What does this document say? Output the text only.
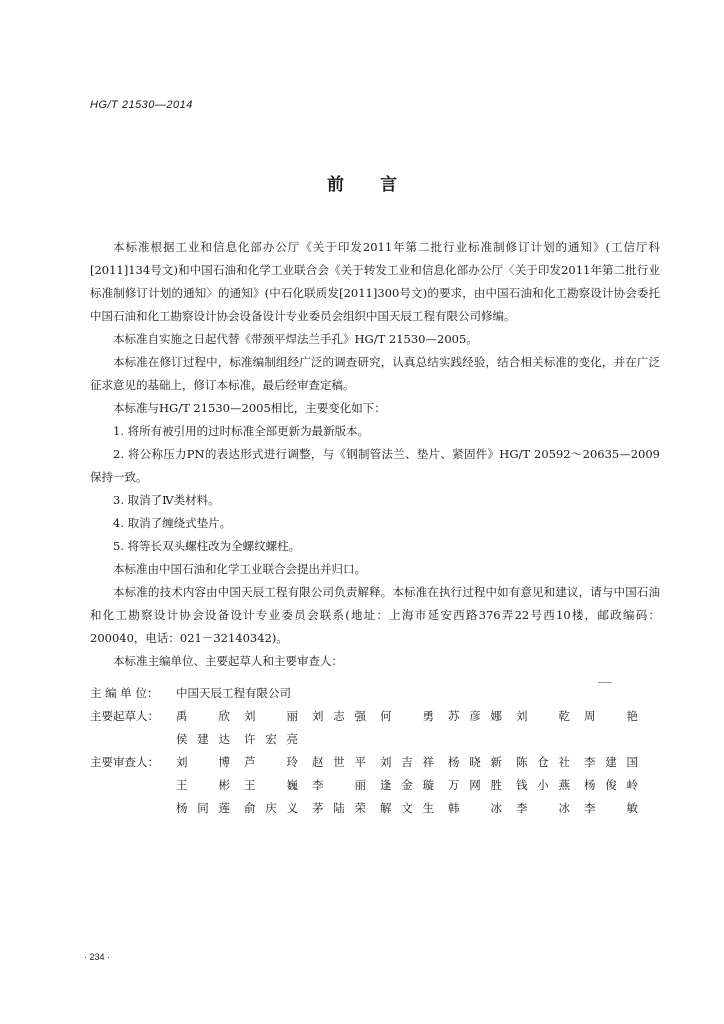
HG/T 21530—2014
前言

本标准根据工业和信息化部办公厅《关于印发2011年第二批行业标准制修订计划的通知》(工信厅科[2011]134号文)和中国石油和化学工业联合会《关于转发工业和信息化部办公厅〈关于印发2011年第二批行业标准制修订计划的通知〉的通知》(中石化联质发[2011]300号文)的要求，由中国石油和化工勘察设计协会委托中国石油和化工勘察设计协会设备设计专业委员会组织中国天辰工程有限公司修编。

本标准自实施之日起代替《带颈平焊法兰手孔》HG/T 21530—2005。

本标准在修订过程中，标准编制组经广泛的调查研究，认真总结实践经验，结合相关标准的变化，并在广泛征求意见的基础上，修订本标准，最后经审查定稿。

本标准与HG/T 21530—2005相比，主要变化如下：

1. 将所有被引用的过时标准全部更新为最新版本。

2. 将公称压力PN的表达形式进行调整，与《钢制管法兰、垫片、紧固件》HG/T 20592～20635—2009保持一致。

3. 取消了Ⅳ类材料。

4. 取消了缠绕式垫片。

5. 将等长双头螺柱改为全螺纹螺柱。

本标准由中国石油和化学工业联合会提出并归口。

本标准的技术内容由中国天辰工程有限公司负责解释。本标准在执行过程中如有意见和建议，请与中国石油和化工勘察设计协会设备设计专业委员会联系(地址：上海市延安西路376弄22号西10楼，邮政编码：200040，电话：021－32140342)。

本标准主编单位、主要起草人和主要审查人：

主 编 单 位： 中国天辰工程有限公司
主要起草人： 禹 欣 刘 丽 刘志强 何 勇 苏彦娜 刘 乾 周 艳
侯建达 许宏亮
主要审查人： 刘 博 芦 玲 赵世平 刘吉祥 杨晓新 陈仓社 李建国
王 彬 王 巍 李 丽 逢金璇 万网胜 钱小燕 杨俊岭
杨同莲 俞庆义 茅陆荣 解文生 韩 冰 李 冰 李 敏
· 234 ·
